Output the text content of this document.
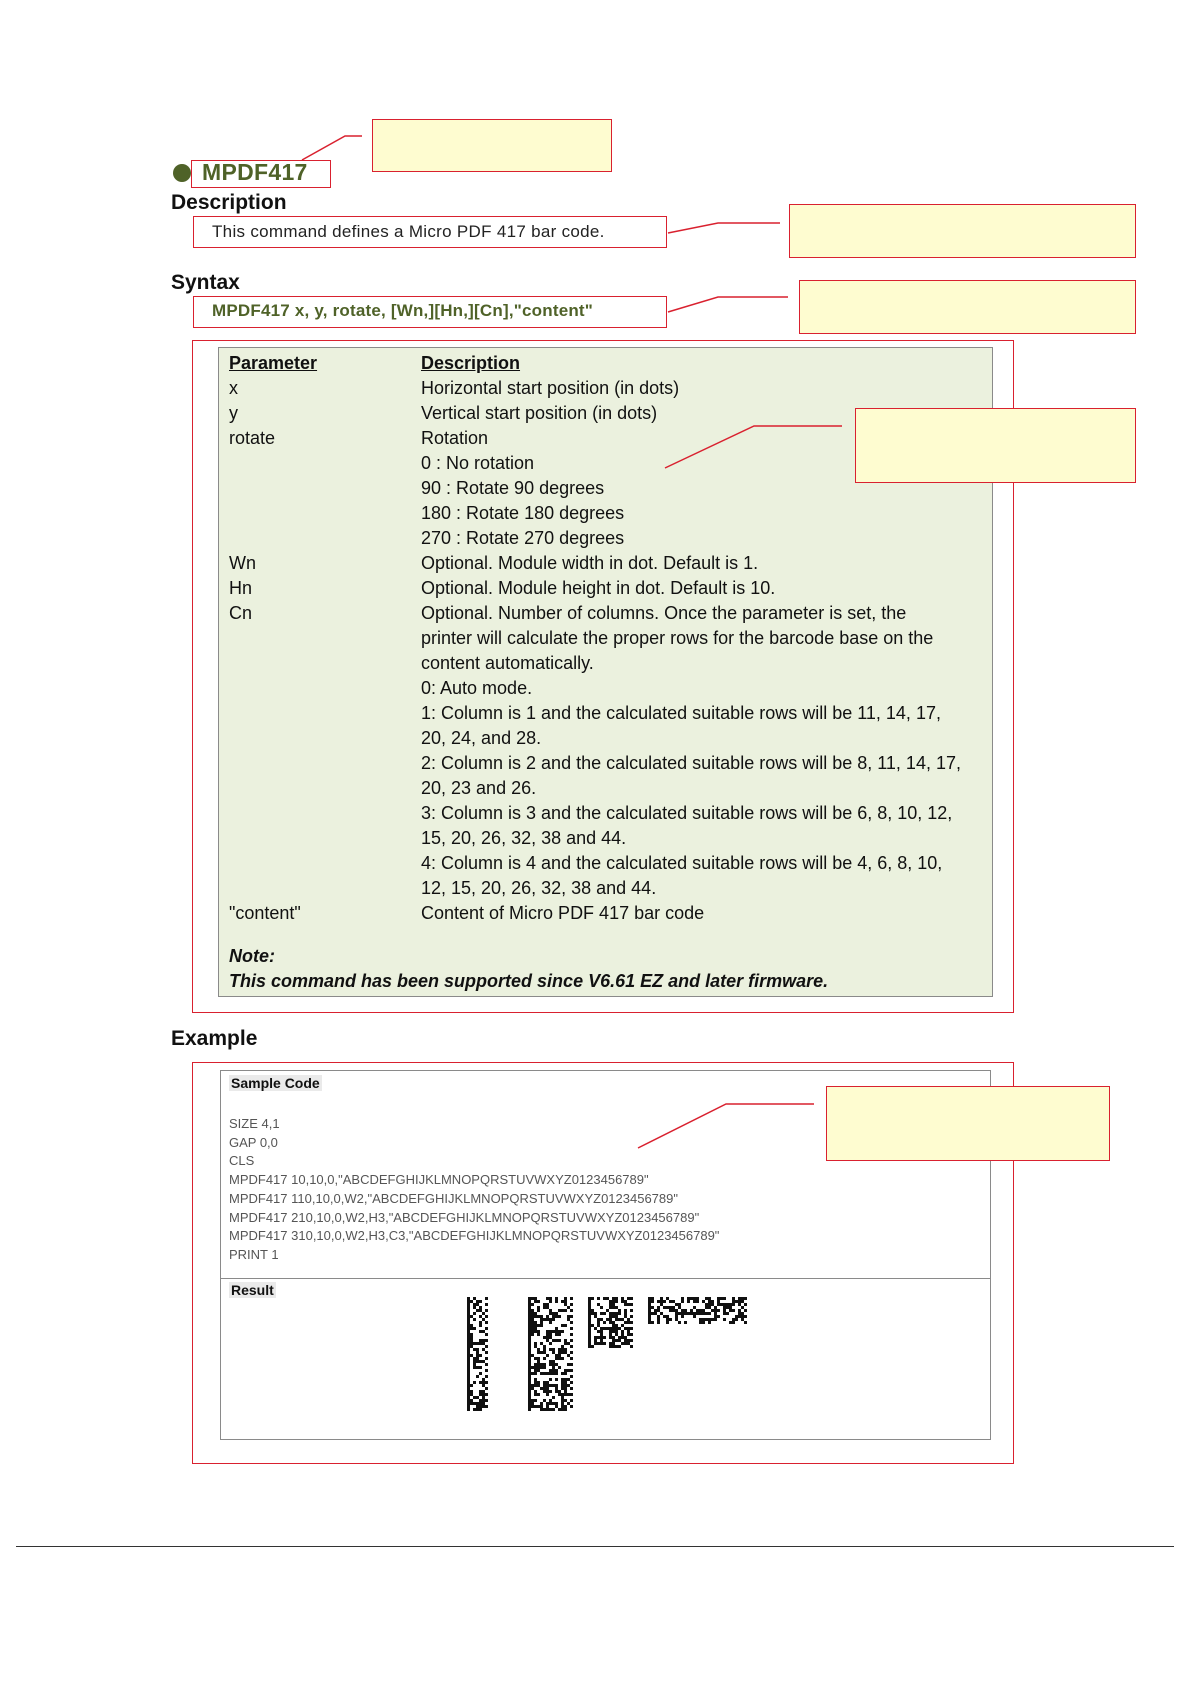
MPDF417
Description
This command defines a Micro PDF 417 bar code.
Syntax
MPDF417 x, y, rotate, [Wn,][Hn,][Cn],"content"
Parameter	Description
x	Horizontal start position (in dots)
y	Vertical start position (in dots)
rotate	Rotation
0 : No rotation
90 : Rotate 90 degrees
180 : Rotate 180 degrees
270 : Rotate 270 degrees
Wn	Optional. Module width in dot. Default is 1.
Hn	Optional. Module height in dot. Default is 10.
Cn	Optional. Number of columns. Once the parameter is set, the
printer will calculate the proper rows for the barcode base on the
content automatically.
0: Auto mode.
1: Column is 1 and the calculated suitable rows will be 11, 14, 17,
20, 24, and 28.
2: Column is 2 and the calculated suitable rows will be 8, 11, 14, 17,
20, 23 and 26.
3: Column is 3 and the calculated suitable rows will be 6, 8, 10, 12,
15, 20, 26, 32, 38 and 44.
4: Column is 4 and the calculated suitable rows will be 4, 6, 8, 10,
12, 15, 20, 26, 32, 38 and 44.
"content"	Content of Micro PDF 417 bar code
Note:
This command has been supported since V6.61 EZ and later firmware.
Example
Sample Code
SIZE 4,1
GAP 0,0
CLS
MPDF417 10,10,0,"ABCDEFGHIJKLMNOPQRSTUVWXYZ0123456789"
MPDF417 110,10,0,W2,"ABCDEFGHIJKLMNOPQRSTUVWXYZ0123456789"
MPDF417 210,10,0,W2,H3,"ABCDEFGHIJKLMNOPQRSTUVWXYZ0123456789"
MPDF417 310,10,0,W2,H3,C3,"ABCDEFGHIJKLMNOPQRSTUVWXYZ0123456789"
PRINT 1
Result
